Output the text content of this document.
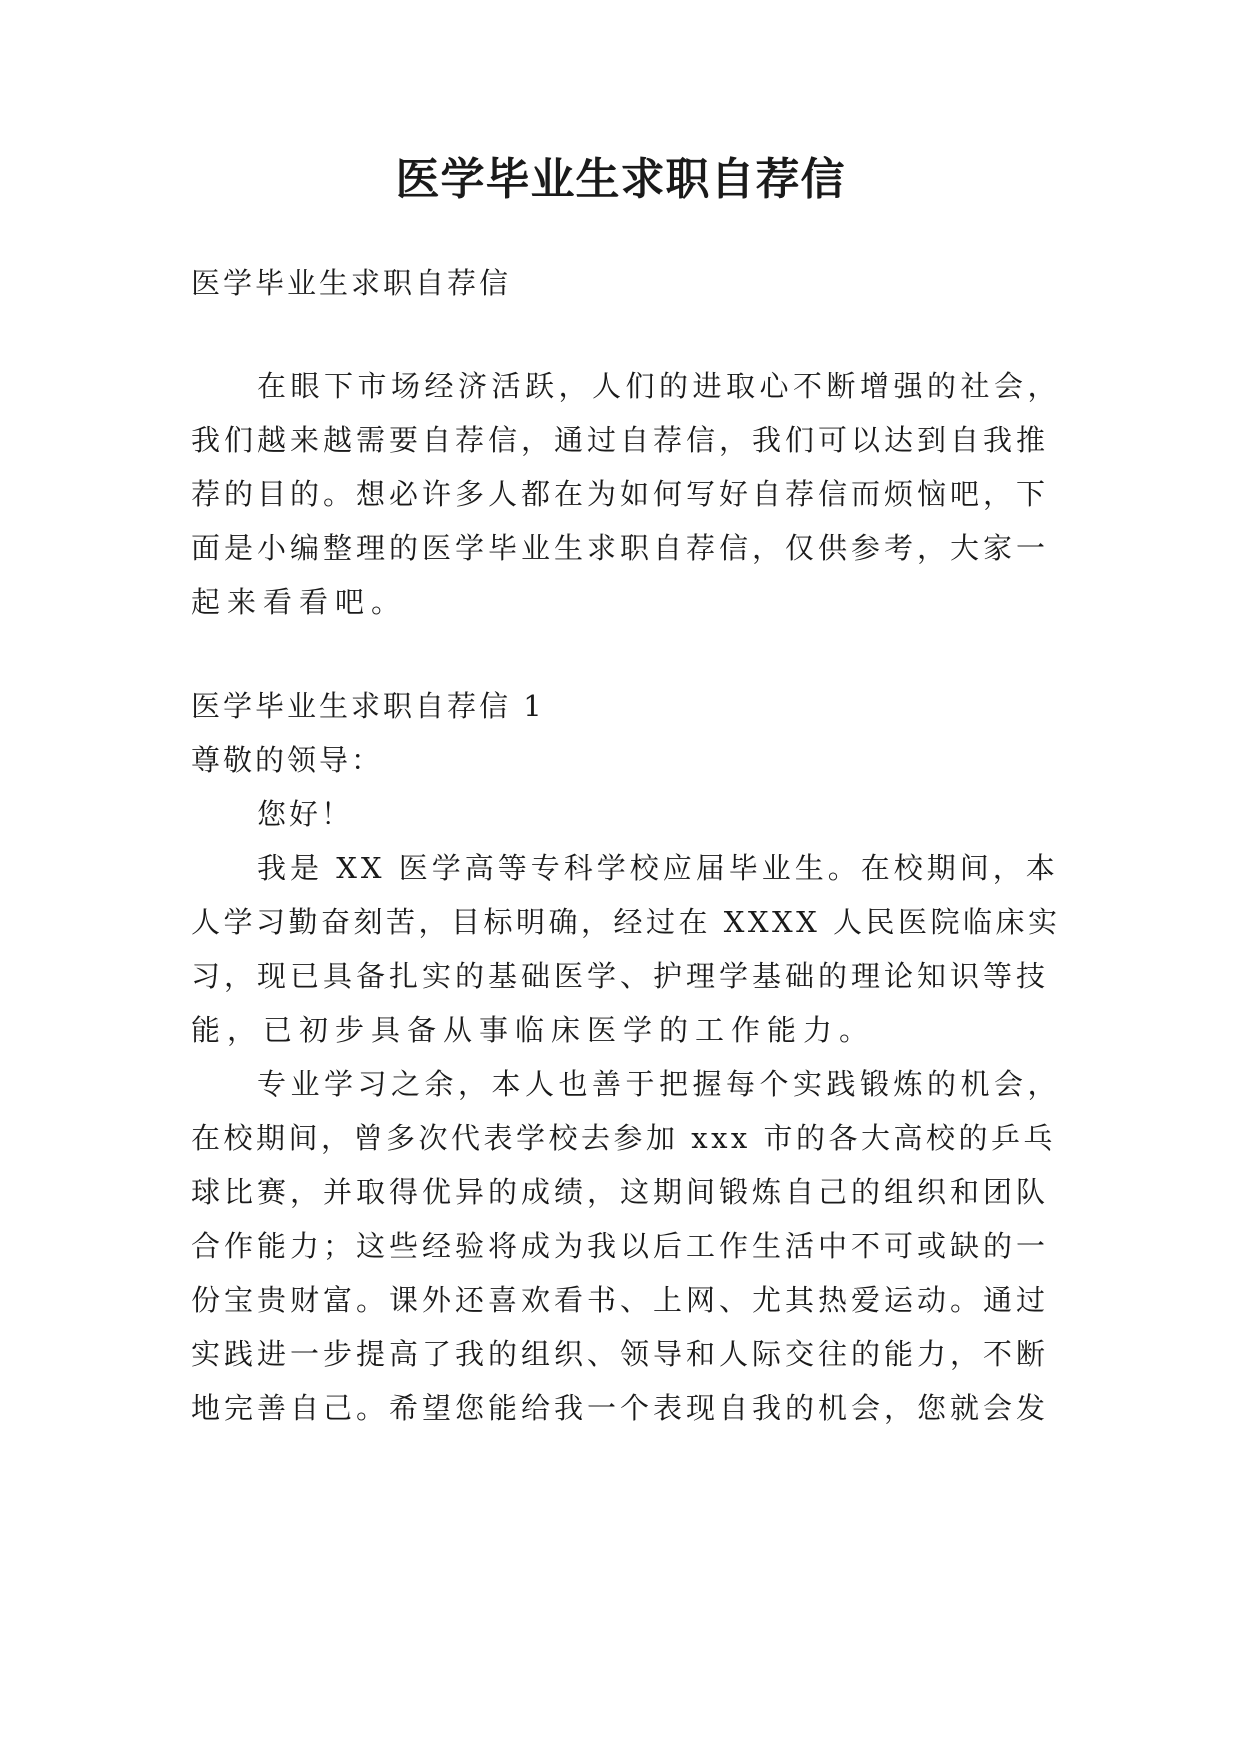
医学毕业生求职自荐信

医学毕业生求职自荐信

在眼下市场经济活跃，人们的进取心不断增强的社会，

我们越来越需要自荐信，通过自荐信，我们可以达到自我推

荐的目的。想必许多人都在为如何写好自荐信而烦恼吧，下

面是小编整理的医学毕业生求职自荐信，仅供参考，大家一

起来看看吧。

医学毕业生求职自荐信 1

尊敬的领导：

您好！

我是 XX 医学高等专科学校应届毕业生。在校期间，本

人学习勤奋刻苦，目标明确，经过在 XXXX 人民医院临床实

习，现已具备扎实的基础医学、护理学基础的理论知识等技

能，已初步具备从事临床医学的工作能力。

专业学习之余，本人也善于把握每个实践锻炼的机会，

在校期间，曾多次代表学校去参加 xxx 市的各大高校的乒乓

球比赛，并取得优异的成绩，这期间锻炼自己的组织和团队

合作能力；这些经验将成为我以后工作生活中不可或缺的一

份宝贵财富。课外还喜欢看书、上网、尤其热爱运动。通过

实践进一步提高了我的组织、领导和人际交往的能力，不断

地完善自己。希望您能给我一个表现自我的机会，您就会发
